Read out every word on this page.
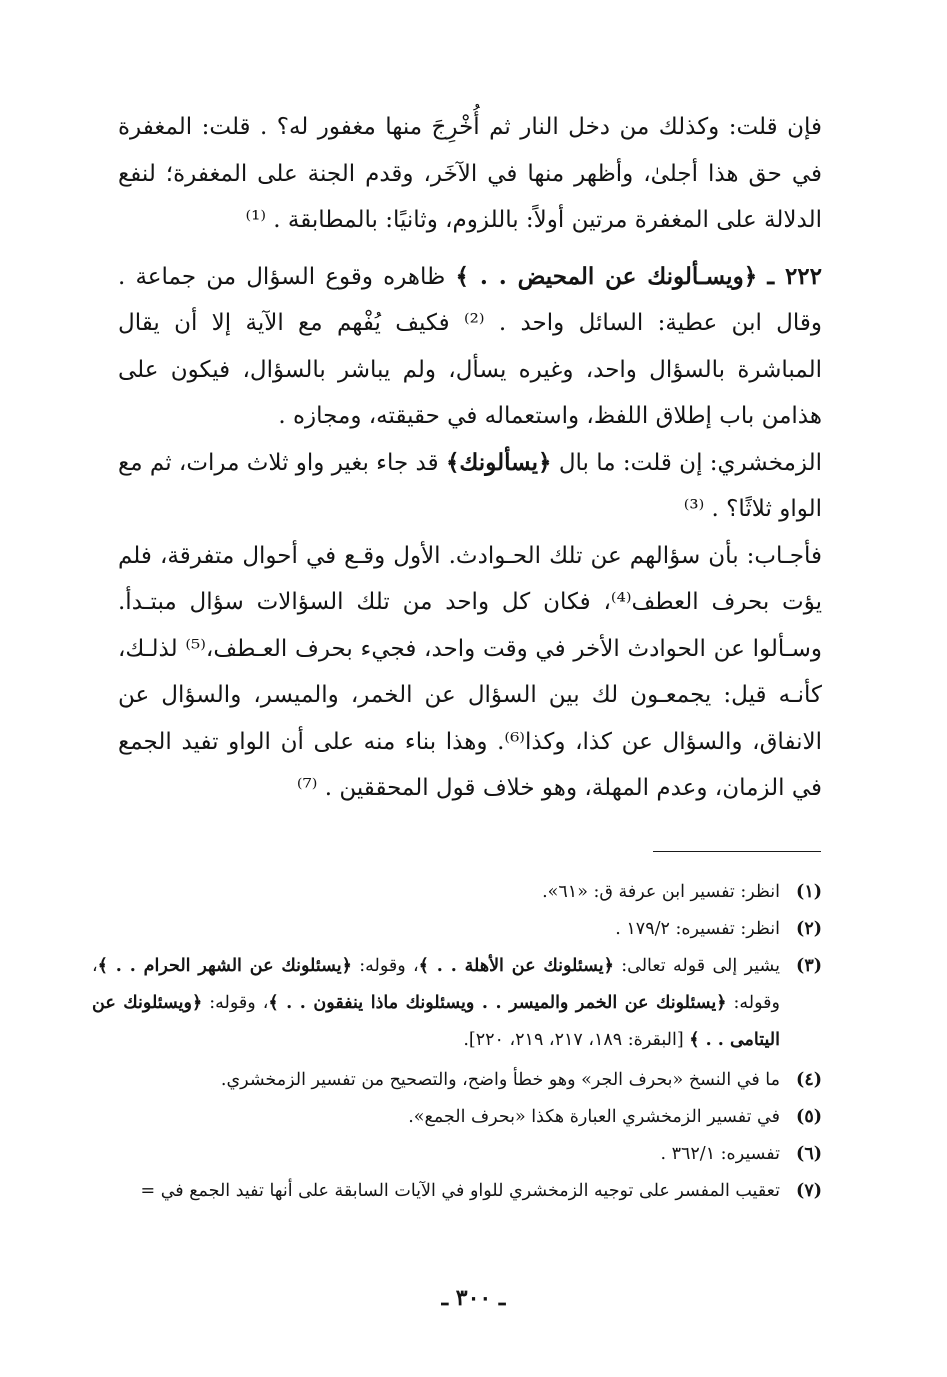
فإن قلت: وكذلك من دخل النار ثم أُخْرِجَ منها مغفور له؟ . قلت: المغفرة في حق هذا أجلىٰ، وأظهر منها في الآخَر، وقدم الجنة على المغفرة؛ لنفع الدلالة على المغفرة مرتين أولاً: باللزوم، وثانيًا: بالمطابقة . ⁽¹⁾

٢٢٢ ـ ﴿ويسـألونك عن المحيض . . ﴾ ظاهره وقوع السؤال من جماعة . وقال ابن عطية: السائل واحد . ⁽²⁾ فكيف يُفْهم مع الآية إلا أن يقال المباشرة بالسؤال واحد، وغيره يسأل، ولم يباشر بالسؤال، فيكون على هذامن باب إطلاق اللفظ، واستعماله في حقيقته، ومجازه .

الزمخشري: إن قلت: ما بال ﴿يسألونك﴾ قد جاء بغير واو ثلاث مرات، ثم مع الواو ثلاثًا؟ . ⁽³⁾

فأجـاب: بأن سؤالهم عن تلك الحـوادث. الأول وقـع في أحوال متفرقة، فلم يؤت بحرف العطف⁽⁴⁾، فكان كل واحد من تلك السؤالات سؤال مبتـدأ. وسـألوا عن الحوادث الأخر في وقت واحد، فجيء بحرف العـطف،⁽⁵⁾ لذلـك، كأنـه قيل: يجمعـون لك بين السؤال عن الخمر، والميسر، والسؤال عن الانفاق، والسؤال عن كذا، وكذا⁽⁶⁾. وهذا بناء منه على أن الواو تفيد الجمع في الزمان، وعدم المهلة، وهو خلاف قول المحققين . ⁽⁷⁾

(١)
انظر: تفسير ابن عرفة ق: «٦١».
(٢)
انظر: تفسيره: ١٧٩/٢ .
(٣)
يشير إلى قوله تعالى: ﴿يسئلونك عن الأهلة . . ﴾، وقوله: ﴿يسئلونك عن الشهر الحرام . . ﴾، وقوله: ﴿يسئلونك عن الخمر والميسر . . ويسئلونك ماذا ينفقون . . ﴾، وقوله: ﴿ويسئلونك عن اليتامى . . ﴾ [البقرة: ١٨٩، ٢١٧، ٢١٩، ٢٢٠].
(٤)
ما في النسخ «بحرف الجر» وهو خطأ واضح، والتصحيح من تفسير الزمخشري.
(٥)
في تفسير الزمخشري العبارة هكذا «بحرف الجمع».
(٦)
تفسيره: ٣٦٢/١ .
(٧)
تعقيب المفسر على توجيه الزمخشري للواو في الآيات السابقة على أنها تفيد الجمع في =
ـ ٣٠٠ ـ
